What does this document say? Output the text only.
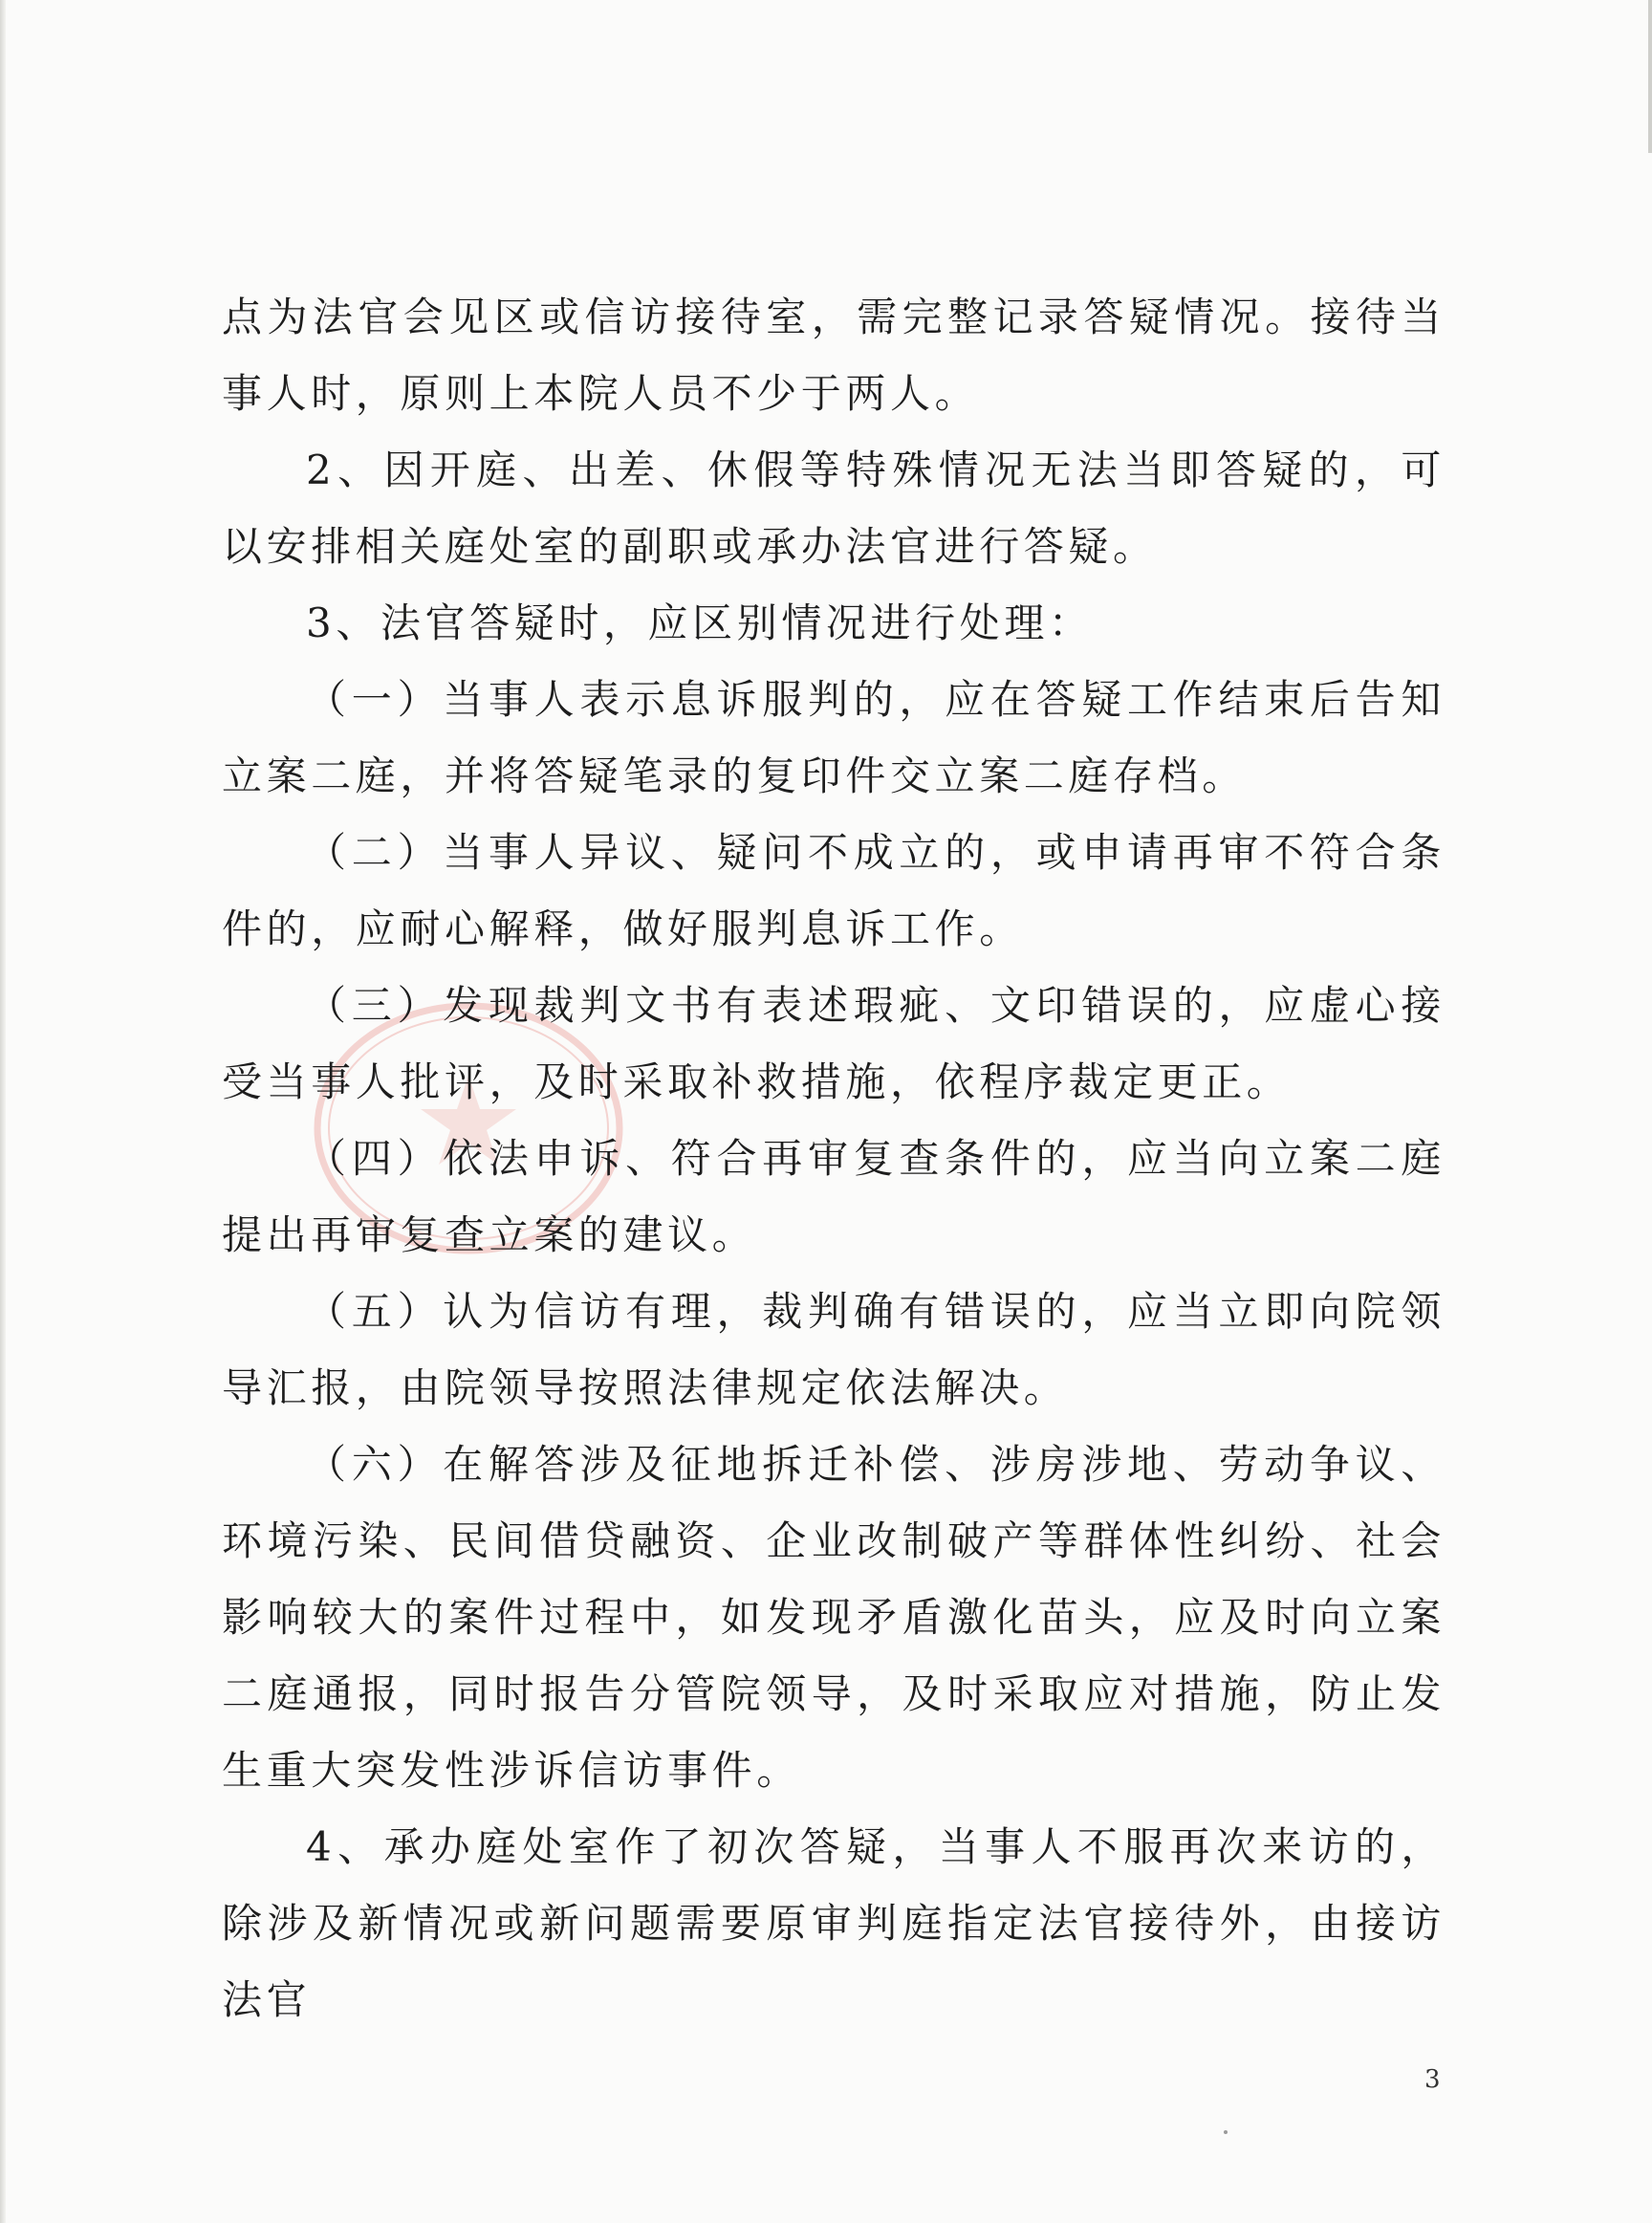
点为法官会见区或信访接待室，需完整记录答疑情况。接待当事人时，原则上本院人员不少于两人。

2、因开庭、出差、休假等特殊情况无法当即答疑的，可以安排相关庭处室的副职或承办法官进行答疑。

3、法官答疑时，应区别情况进行处理：

（一）当事人表示息诉服判的，应在答疑工作结束后告知立案二庭，并将答疑笔录的复印件交立案二庭存档。

（二）当事人异议、疑问不成立的，或申请再审不符合条件的，应耐心解释，做好服判息诉工作。

（三）发现裁判文书有表述瑕疵、文印错误的，应虚心接受当事人批评，及时采取补救措施，依程序裁定更正。

（四）依法申诉、符合再审复查条件的，应当向立案二庭提出再审复查立案的建议。

（五）认为信访有理，裁判确有错误的，应当立即向院领导汇报，由院领导按照法律规定依法解决。

（六）在解答涉及征地拆迁补偿、涉房涉地、劳动争议、环境污染、民间借贷融资、企业改制破产等群体性纠纷、社会影响较大的案件过程中，如发现矛盾激化苗头，应及时向立案二庭通报，同时报告分管院领导，及时采取应对措施，防止发生重大突发性涉诉信访事件。

4、承办庭处室作了初次答疑，当事人不服再次来访的，除涉及新情况或新问题需要原审判庭指定法官接待外，由接访法官

3
